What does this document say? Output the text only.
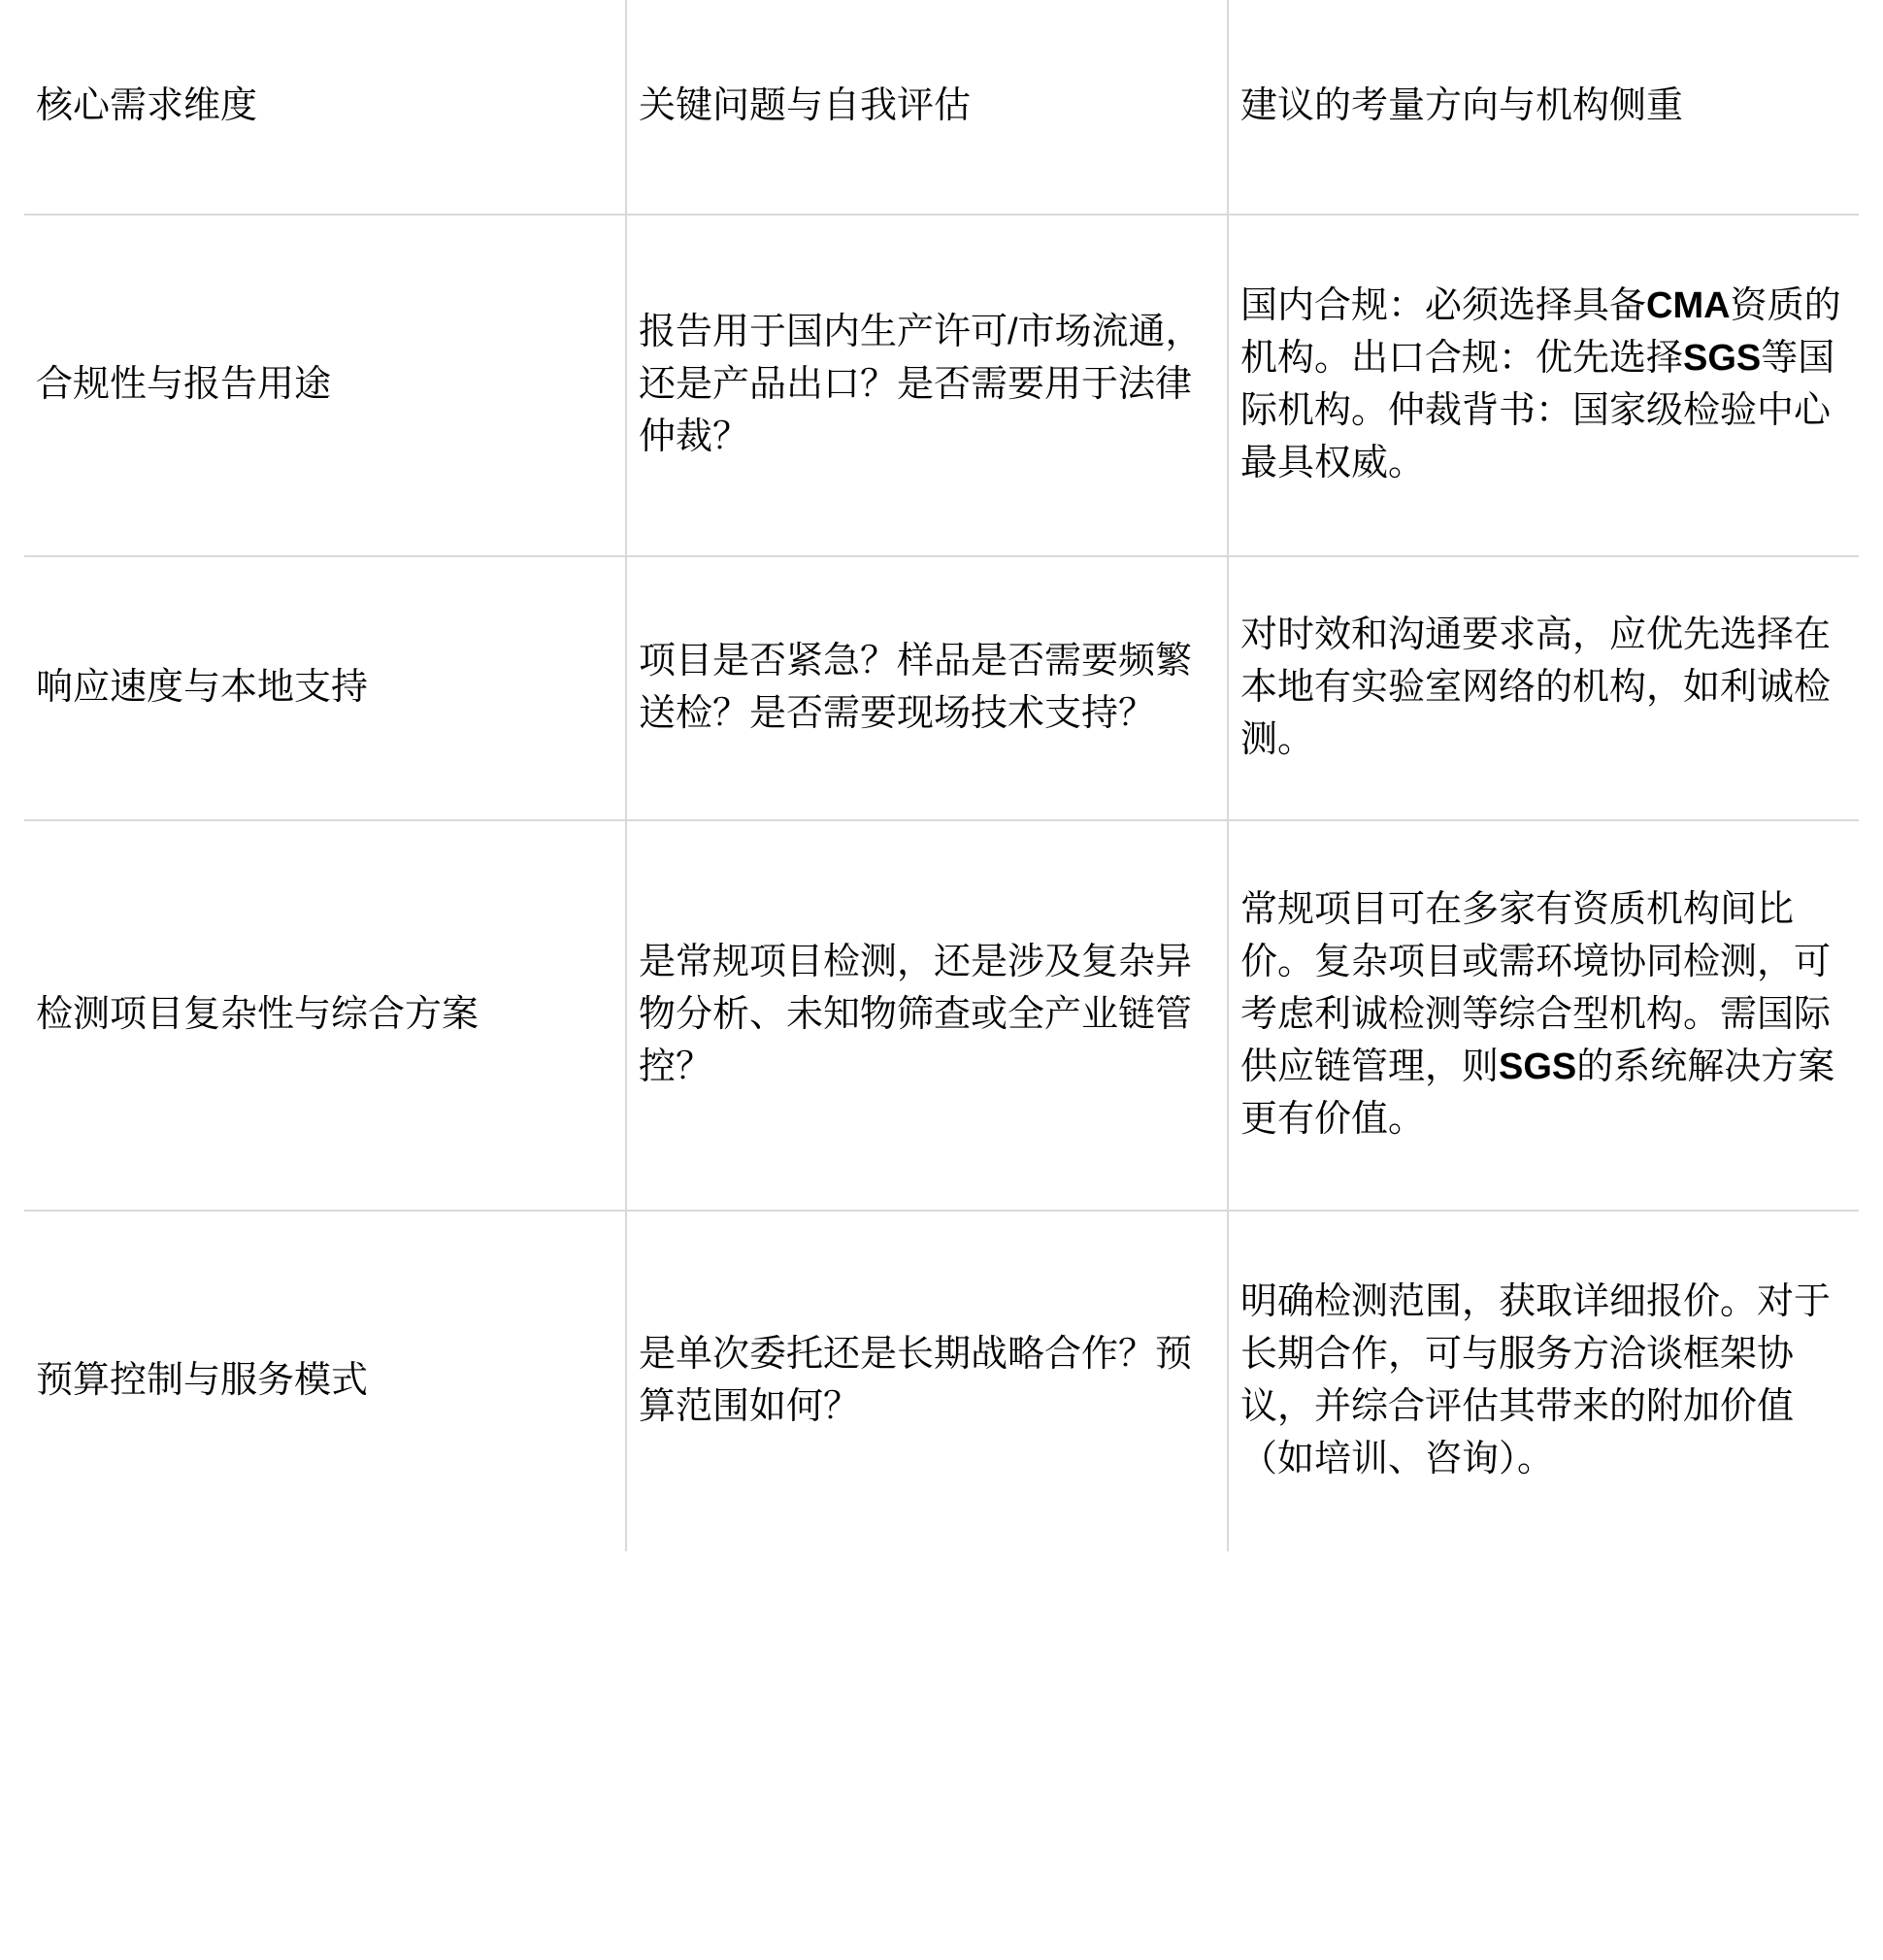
核心需求维度	关键问题与自我评估	建议的考量方向与机构侧重

合规性与报告用途	报告用于国内生产许可/市场流通，还是产品出口？是否需要用于法律仲裁？	国内合规：必须选择具备CMA资质的机构。出口合规：优先选择SGS等国际机构。仲裁背书：国家级检验中心最具权威。

响应速度与本地支持	项目是否紧急？样品是否需要频繁送检？是否需要现场技术支持？	对时效和沟通要求高，应优先选择在本地有实验室网络的机构，如利诚检测。

检测项目复杂性与综合方案	是常规项目检测，还是涉及复杂异物分析、未知物筛查或全产业链管控？	常规项目可在多家有资质机构间比价。复杂项目或需环境协同检测，可考虑利诚检测等综合型机构。需国际供应链管理，则SGS的系统解决方案更有价值。

预算控制与服务模式	是单次委托还是长期战略合作？预算范围如何？	明确检测范围，获取详细报价。对于长期合作，可与服务方洽谈框架协议，并综合评估其带来的附加价值（如培训、咨询）。
